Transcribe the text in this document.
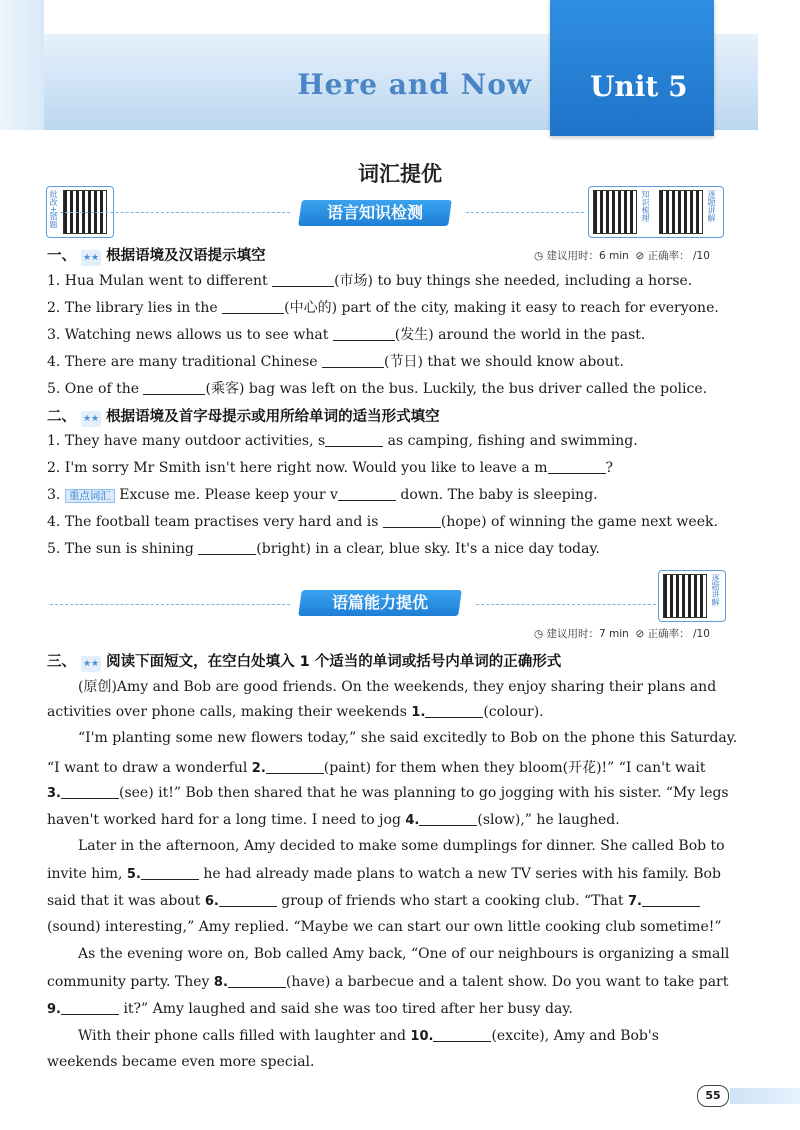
Here and Now Unit 5
词汇提优
批改+错题	知识梳理	逐题讲解
语言知识检测
一、 ★★ 根据语境及汉语提示填空	◷ 建议用时：6 min  ⊘ 正确率： /10
1. Hua Mulan went to different	(市场) to buy things she needed, including a horse.
2. The library lies in the	(中心的) part of the city, making it easy to reach for everyone.
3. Watching news allows us to see what	(发生) around the world in the past.
4. There are many traditional Chinese	(节日) that we should know about.
5. One of the	(乘客) bag was left on the bus. Luckily, the bus driver called the police.
二、 ★★ 根据语境及首字母提示或用所给单词的适当形式填空
1. They have many outdoor activities, s	as camping, fishing and swimming.
2. I'm sorry Mr Smith isn't here right now. Would you like to leave a m	?
3. 重点词汇 Excuse me. Please keep your v	down. The baby is sleeping.
4. The football team practises very hard and is	(hope) of winning the game next week.
5. The sun is shining	(bright) in a clear, blue sky. It's a nice day today.
语篇能力提优	逐题讲解
◷ 建议用时：7 min  ⊘ 正确率： /10
三、 ★★ 阅读下面短文，在空白处填入 1 个适当的单词或括号内单词的正确形式
(原创)Amy and Bob are good friends. On the weekends, they enjoy sharing their plans and
activities over phone calls, making their weekends 1.	(colour).
“I'm planting some new flowers today,” she said excitedly to Bob on the phone this Saturday.
“I want to draw a wonderful 2.	(paint) for them when they bloom(开花)!” “I can't wait
3.	(see) it!” Bob then shared that he was planning to go jogging with his sister. “My legs
haven't worked hard for a long time. I need to jog 4.	(slow),” he laughed.
Later in the afternoon, Amy decided to make some dumplings for dinner. She called Bob to
invite him, 5.	he had already made plans to watch a new TV series with his family. Bob
said that it was about 6.	group of friends who start a cooking club. “That 7.
(sound) interesting,” Amy replied. “Maybe we can start our own little cooking club sometime!”
As the evening wore on, Bob called Amy back, “One of our neighbours is organizing a small
community party. They 8.	(have) a barbecue and a talent show. Do you want to take part
9.	it?” Amy laughed and said she was too tired after her busy day.
With their phone calls filled with laughter and 10.	(excite), Amy and Bob's
weekends became even more special.
55
